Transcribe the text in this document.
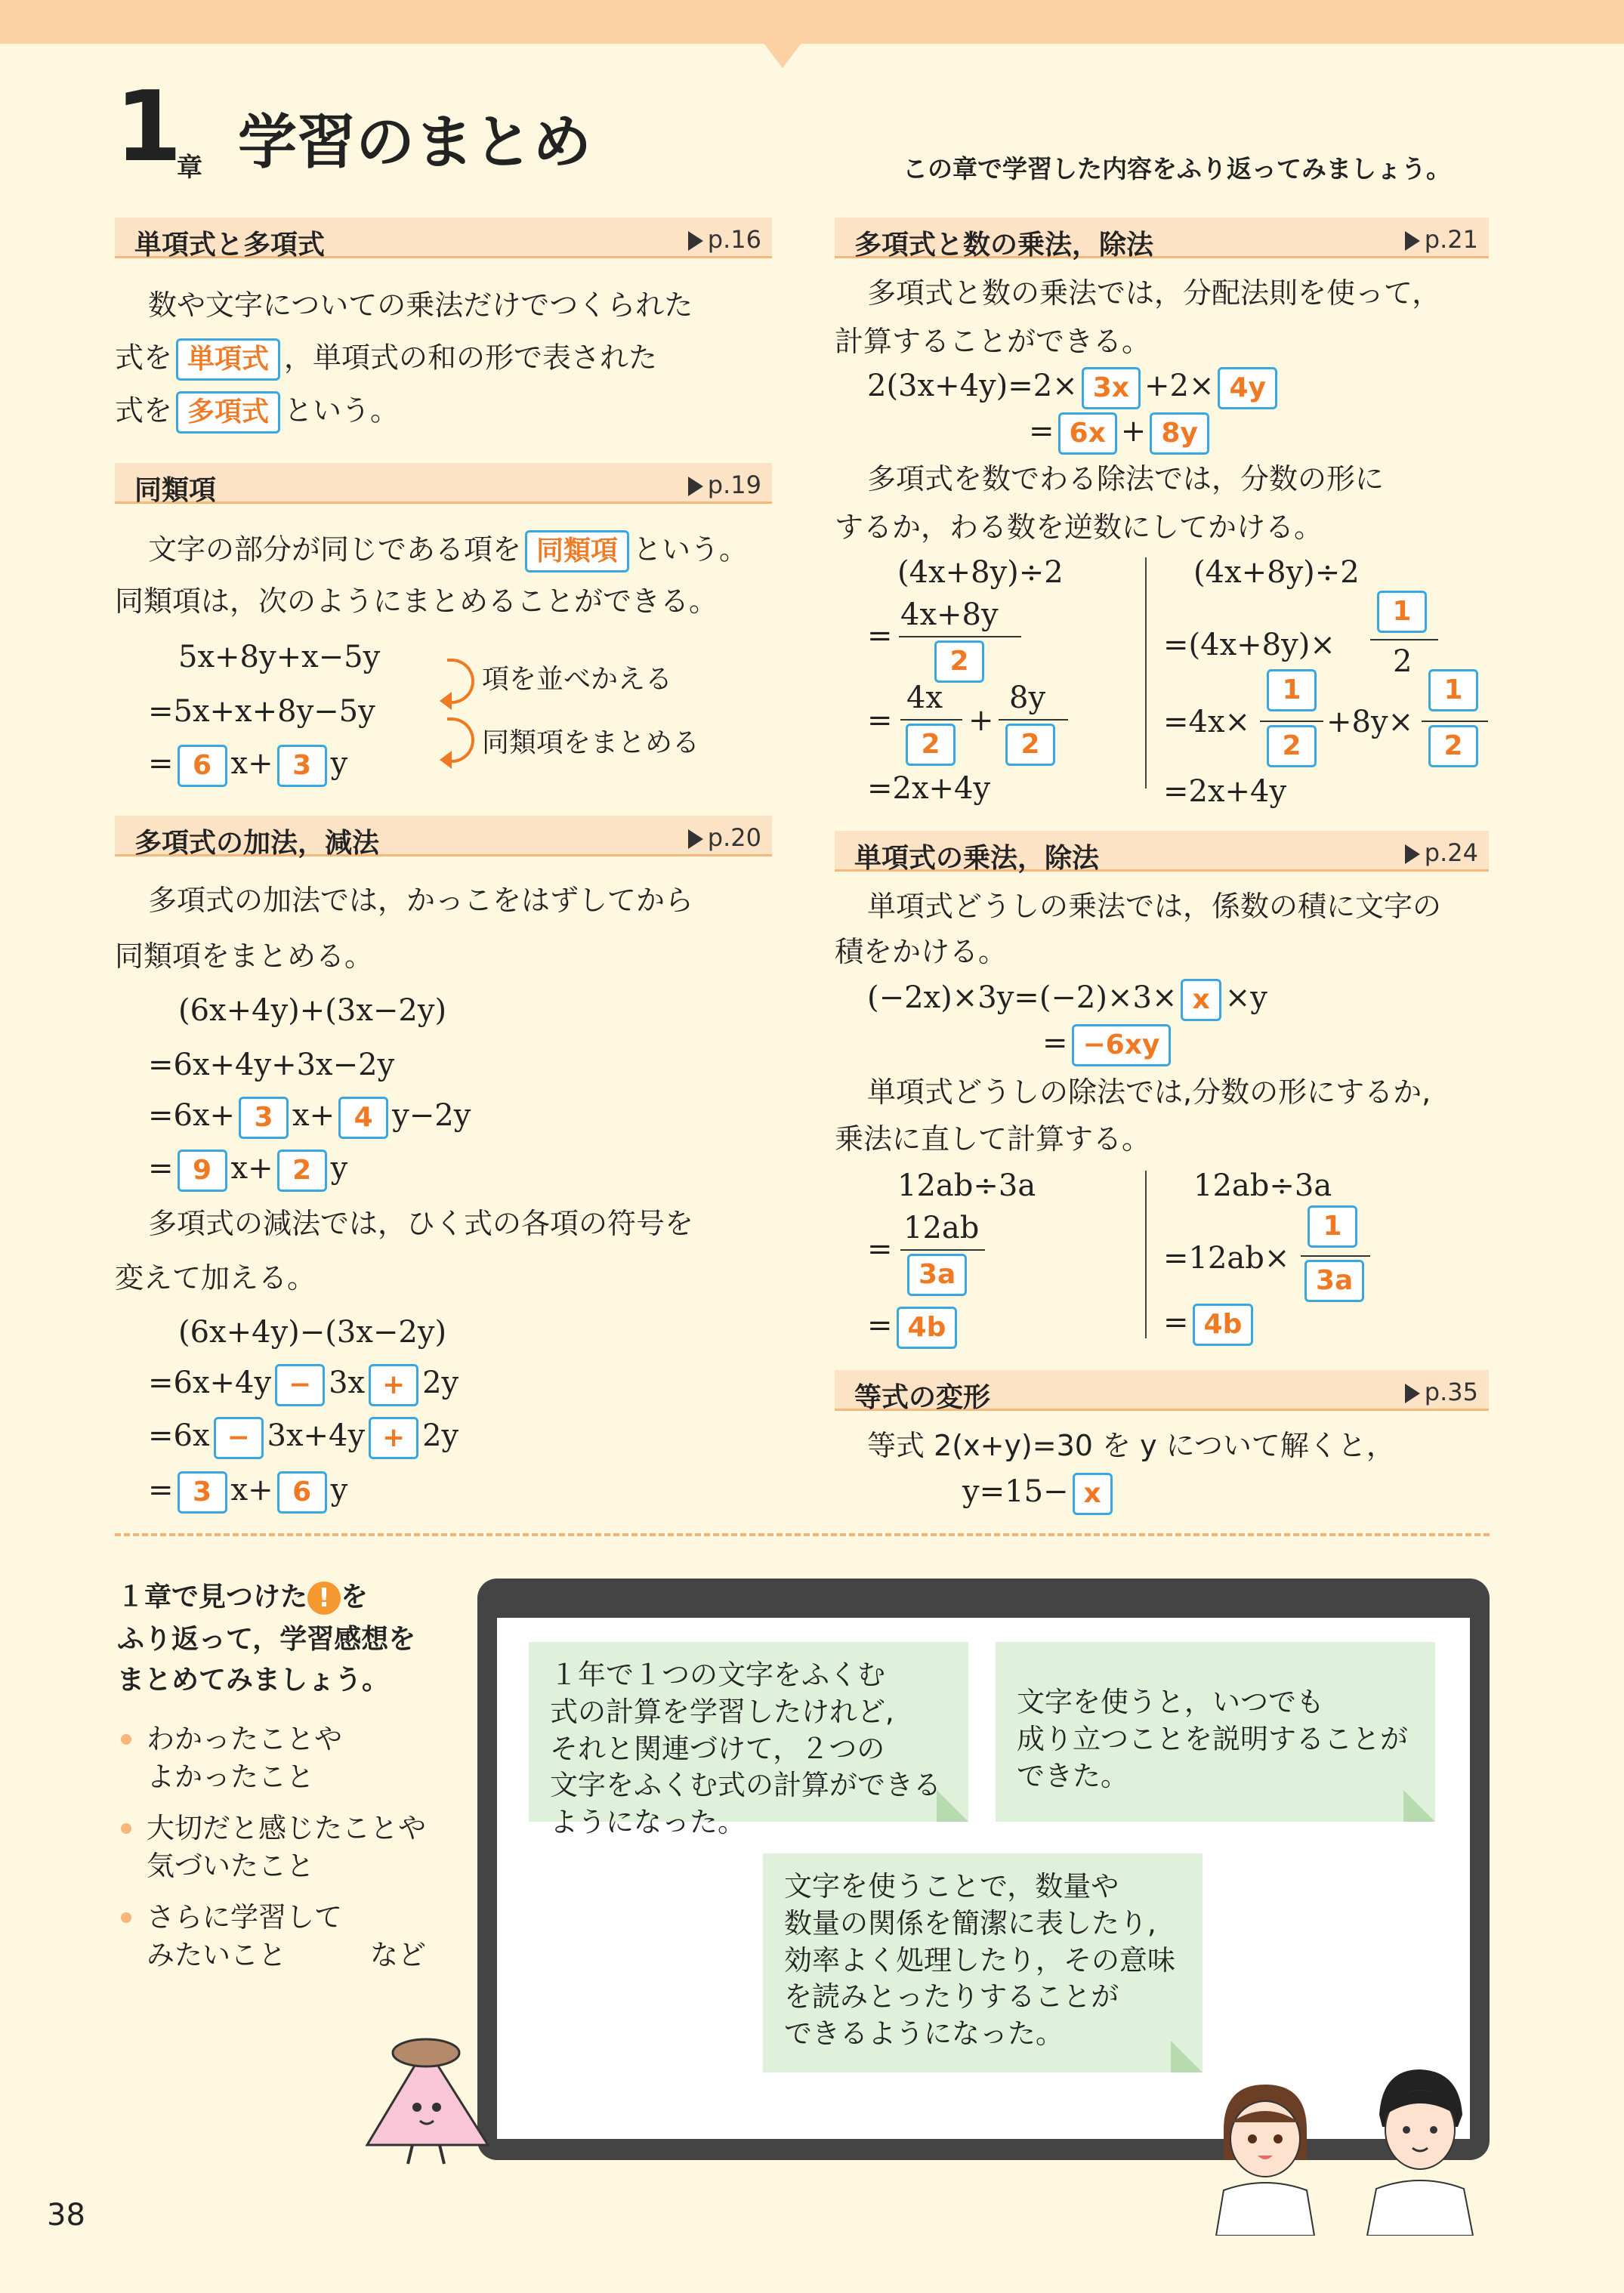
1
章 学習のまとめ	この章で学習した内容をふり返ってみましょう。
単項式と多項式	p.16
数や文字についての乗法だけでつくられた
式を 単項式 ，単項式の和の形で表された
式を 多項式 という。
同類項	p.19
文字の部分が同じである項を 同類項 という。
同類項は，次のようにまとめることができる。
5x+8y+x−5y
=5x+x+8y−5y
= 6 x+ 3 y
項を並べかえる
同類項をまとめる
多項式の加法，減法	p.20
多項式の加法では，かっこをはずしてから
同類項をまとめる。
(6x+4y)+(3x−2y)
=6x+4y+3x−2y
=6x+ 3 x+ 4 y−2y
= 9 x+ 2 y
多項式の減法では，ひく式の各項の符号を
変えて加える。
(6x+4y)−(3x−2y)
=6x+4y − 3x + 2y
=6x − 3x+4y + 2y
= 3 x+ 6 y
多項式と数の乗法，除法	p.21
多項式と数の乗法では，分配法則を使って，
計算することができる。
2(3x+4y)=2× 3x +2× 4y
= 6x + 8y
多項式を数でわる除法では，分数の形に
するか，わる数を逆数にしてかける。
(4x+8y)÷2
=
4x+8y
2
=
4x
2
+
8y
2
=2x+4y
(4x+8y)÷2
=(4x+8y)×
1
2
=4x×
1
2
+8y×
1
2
=2x+4y
単項式の乗法，除法	p.24
単項式どうしの乗法では，係数の積に文字の
積をかける。
(−2x)×3y=(−2)×3× x ×y
= −6xy
単項式どうしの除法では,分数の形にするか,
乗法に直して計算する。
12ab÷3a
=
12ab
3a
= 4b
12ab÷3a
=12ab×
1
3a
= 4b
等式の変形	p.35
等式 2(x+y)=30 を y について解くと，
y=15− x
１章で見つけた ! を
ふり返って，学習感想を
まとめてみましょう。
わかったことや
よかったこと
大切だと感じたことや
気づいたこと
さらに学習して
みたいこと　　　など
１年で１つの文字をふくむ
式の計算を学習したけれど,
それと関連づけて，２つの
文字をふくむ式の計算ができる
ようになった。
文字を使うと，いつでも
成り立つことを説明することが
できた。
文字を使うことで，数量や
数量の関係を簡潔に表したり,
効率よく処理したり，その意味
を読みとったりすることが
できるようになった。
38
